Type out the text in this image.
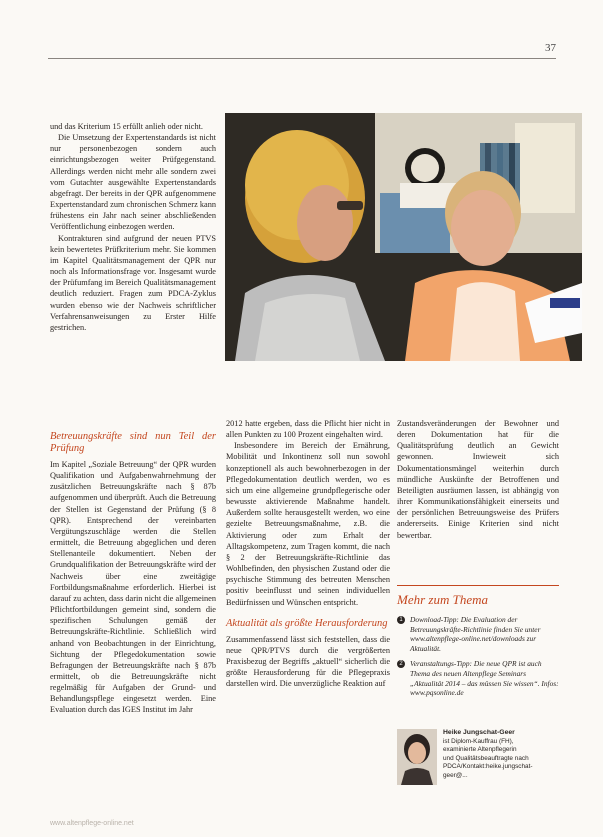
37

und das Kriterium 15 erfüllt anlieh oder nicht.

Die Umsetzung der Expertenstandards ist nicht nur personenbezogen sondern auch einrichtungsbezogen weiter Prüfgegenstand. Allerdings werden nicht mehr alle sondern zwei vom Gutachter ausgewählte Expertenstandards abgefragt. Der bereits in der QPR aufgenommene Expertenstandard zum chronischen Schmerz kann frühestens ein Jahr nach seiner abschließenden Veröffentlichung einbezogen werden.

Kontrakturen sind aufgrund der neuen PTVS kein bewertetes Prüfkriterium mehr. Sie kommen im Kapitel Qualitätsmanagement der QPR nur noch als Informationsfrage vor. Insgesamt wurde der Prüfumfang im Bereich Qualitätsmanagement deutlich reduziert. Fragen zum PDCA-Zyklus wurden ebenso wie der Nachweis schriftlicher Verfahrensanweisungen zu Erster Hilfe gestrichen.

Betreuungskräfte sind nun Teil der Prüfung

Im Kapitel „Soziale Betreuung“ der QPR wurden Qualifikation und Aufgabenwahrnehmung der zusätzlichen Betreuungskräfte nach § 87b aufgenommen und überprüft. Auch die Betreuung der Stellen ist Gegenstand der Prüfung (§ 8 QPR). Entsprechend der vereinbarten Vergütungszuschläge werden die Stellen ermittelt, die Betreuung abgeglichen und deren Stellenanteile dokumentiert. Neben der Grundqualifikation der Betreuungskräfte wird der Nachweis über eine zweitägige Fortbildungsmaßnahme erforderlich. Hierbei ist darauf zu achten, dass darin nicht die allgemeinen Pflichtfortbildungen gemeint sind, sondern die spezifischen Schulungen gemäß der Betreuungskräfte-Richtlinie. Schließlich wird anhand von Beobachtungen in der Einrichtung, Sichtung der Pflegedokumentation sowie Befragungen der Betreuungskräfte nach § 87b ermittelt, ob die Betreuungskräfte nicht regelmäßig für Aufgaben der Grund- und Behandlungspflege eingesetzt werden. Eine Evaluation durch das IGES Institut im Jahr

2012 hatte ergeben, dass die Pflicht hier nicht in allen Punkten zu 100 Prozent eingehalten wird.

Insbesondere im Bereich der Ernährung, Mobilität und Inkontinenz soll nun sowohl konzeptionell als auch bewohnerbezogen in der Pflegedokumentation deutlich werden, wo es sich um eine allgemeine grundpflegerische oder bewusste aktivierende Maßnahme handelt. Außerdem sollte herausgestellt werden, wo eine gezielte Betreuungsmaßnahme, z.B. die Aktivierung oder zum Erhalt der Alltagskompetenz, zum Tragen kommt, die nach § 2 der Betreuungskräfte-Richtlinie das Wohlbefinden, den physischen Zustand oder die psychische Stimmung des betreuten Menschen positiv beeinflusst und seinen individuellen Bedürfnissen und Wünschen entspricht.

Aktualität als größte Herausforderung

Zusammenfassend lässt sich feststellen, dass die neue QPR/PTVS durch die vergrößerten Praxisbezug der Begriffs „aktuell“ sicherlich die größte Herausforderung für die Pflegepraxis darstellen wird. Die unverzügliche Reaktion auf

Zustandsveränderungen der Bewohner und deren Dokumentation hat für die Qualitätsprüfung deutlich an Gewicht gewonnen. Inwieweit sich Dokumentationsmängel weiterhin durch mündliche Auskünfte der Betroffenen und Beteiligten ausräumen lassen, ist abhängig von ihrer Kommunikationsfähigkeit einerseits und der persönlichen Betreuungsweise des Prüfers andererseits. Einige Kriterien sind nicht bewertbar.

Mehr zum Thema
1 Download-Tipp: Die Evaluation der Betreuungskräfte-Richtlinie finden Sie unter www.altenpflege-online.net/downloads zur Aktualität.
2 Veranstaltungs-Tipp: Die neue QPR ist auch Thema des neuen Altenpflege Seminars „Aktualität 2014 – das müssen Sie wissen“. Infos: www.pqsonline.de
Heike Jungschat-Geer
ist Diplom-Kauffrau (FH),
examinierte Altenpflegerin
und Qualitätsbeauftragte nach
PDCA/Kontakt:heike.jungschat-
geer@...
www.altenpflege-online.net
